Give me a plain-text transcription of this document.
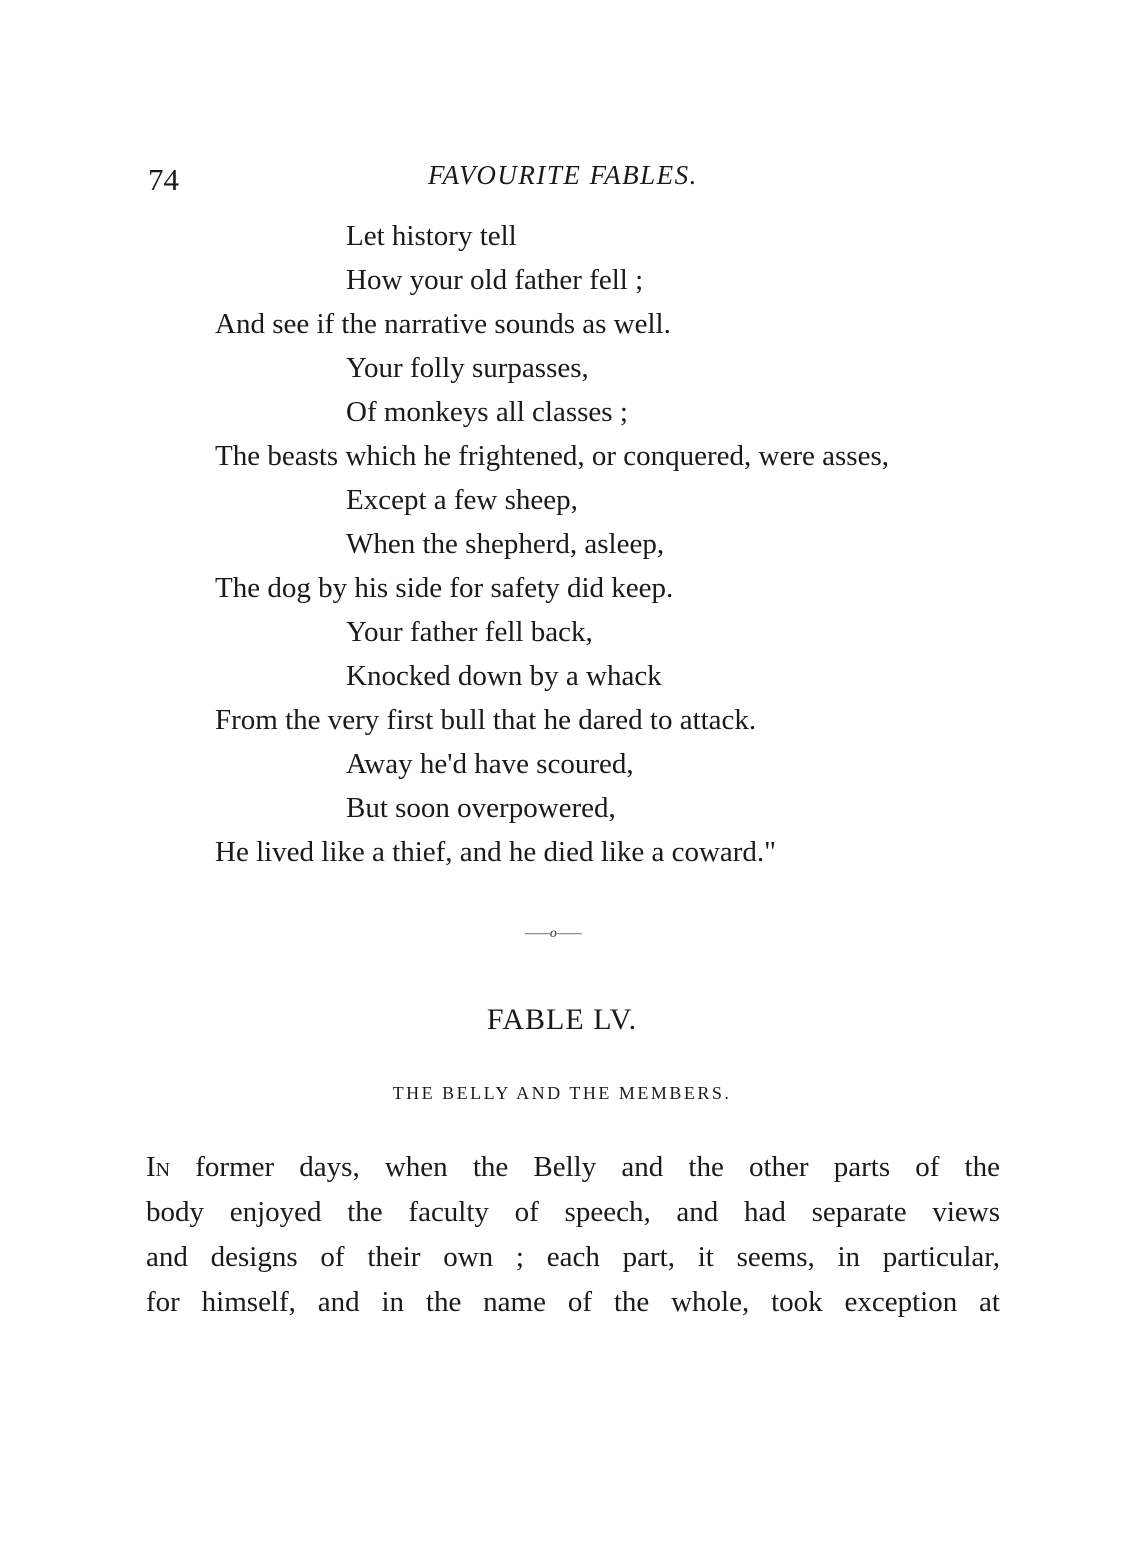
74	FAVOURITE FABLES.
Let history tell
How your old father fell ;
And see if the narrative sounds as well.
Your folly surpasses,
Of monkeys all classes ;
The beasts which he frightened, or conquered, were asses,
Except a few sheep,
When the shepherd, asleep,
The dog by his side for safety did keep.
Your father fell back,
Knocked down by a whack
From the very first bull that he dared to attack.
Away he'd have scoured,
But soon overpowered,
He lived like a thief, and he died like a coward."
——o——
FABLE LV.
THE BELLY AND THE MEMBERS.
In former days, when the Belly and the other parts of the
body enjoyed the faculty of speech, and had separate views
and designs of their own ; each part, it seems, in particular,
for himself, and in the name of the whole, took exception at
